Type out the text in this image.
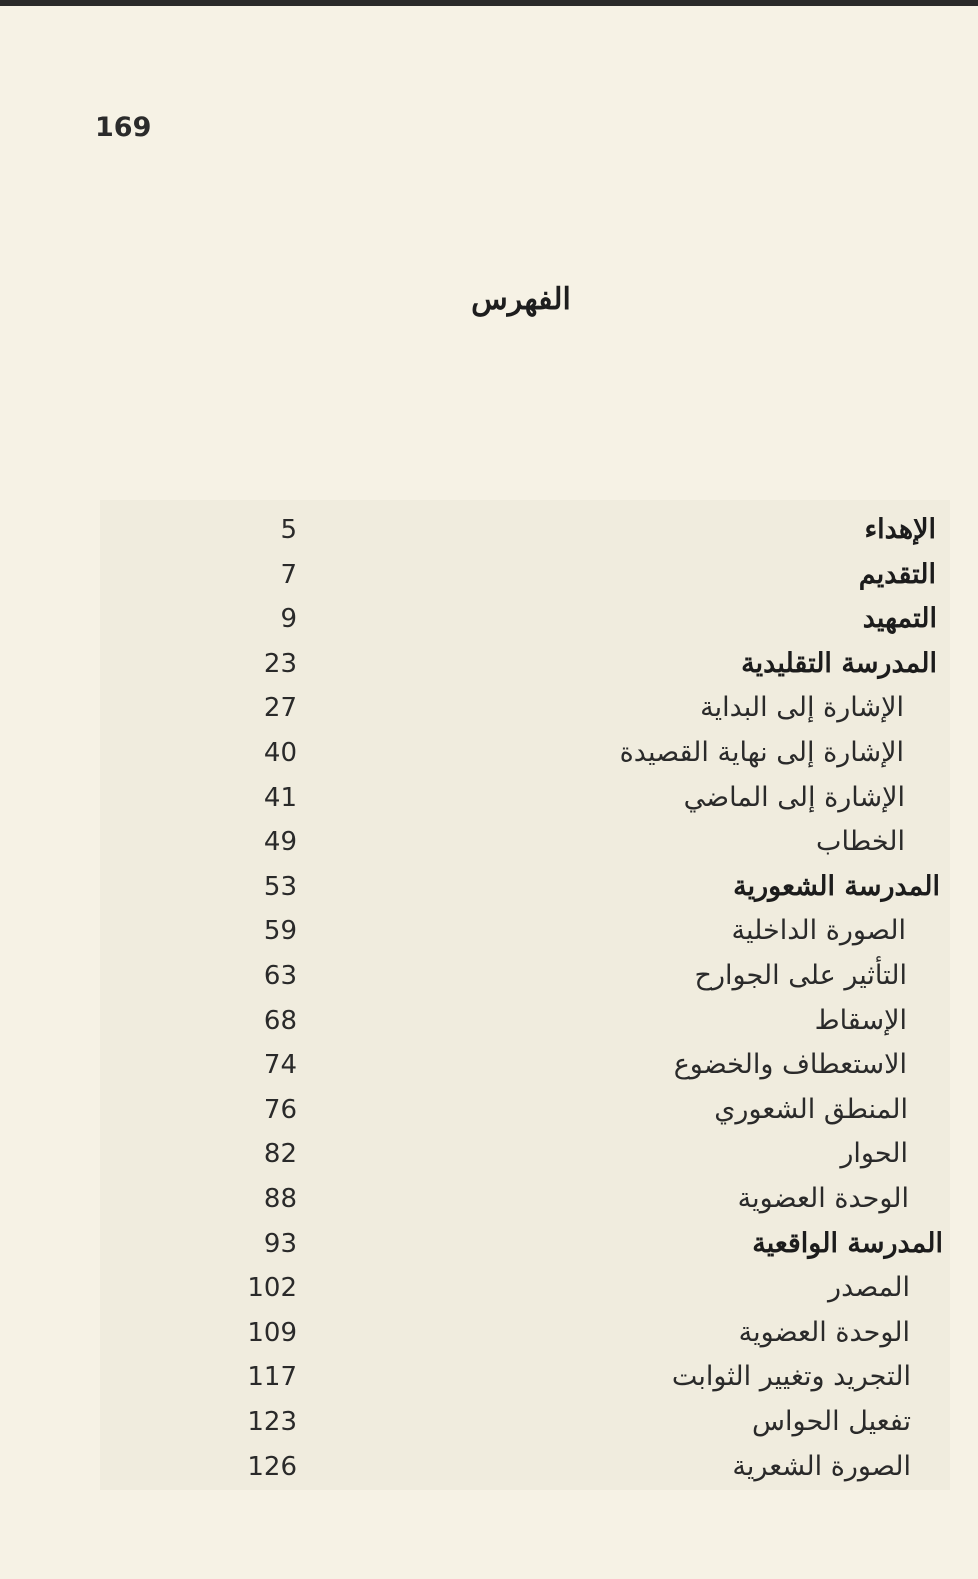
169
الفهرس
الإهداء
5
التقديم
7
التمهيد
9
المدرسة التقليدية
23
الإشارة إلى البداية
27
الإشارة إلى نهاية القصيدة
40
الإشارة إلى الماضي
41
الخطاب
49
المدرسة الشعورية
53
الصورة الداخلية
59
التأثير على الجوارح
63
الإسقاط
68
الاستعطاف والخضوع
74
المنطق الشعوري
76
الحوار
82
الوحدة العضوية
88
المدرسة الواقعية
93
المصدر
102
الوحدة العضوية
109
التجريد وتغيير الثوابت
117
تفعيل الحواس
123
الصورة الشعرية
126
